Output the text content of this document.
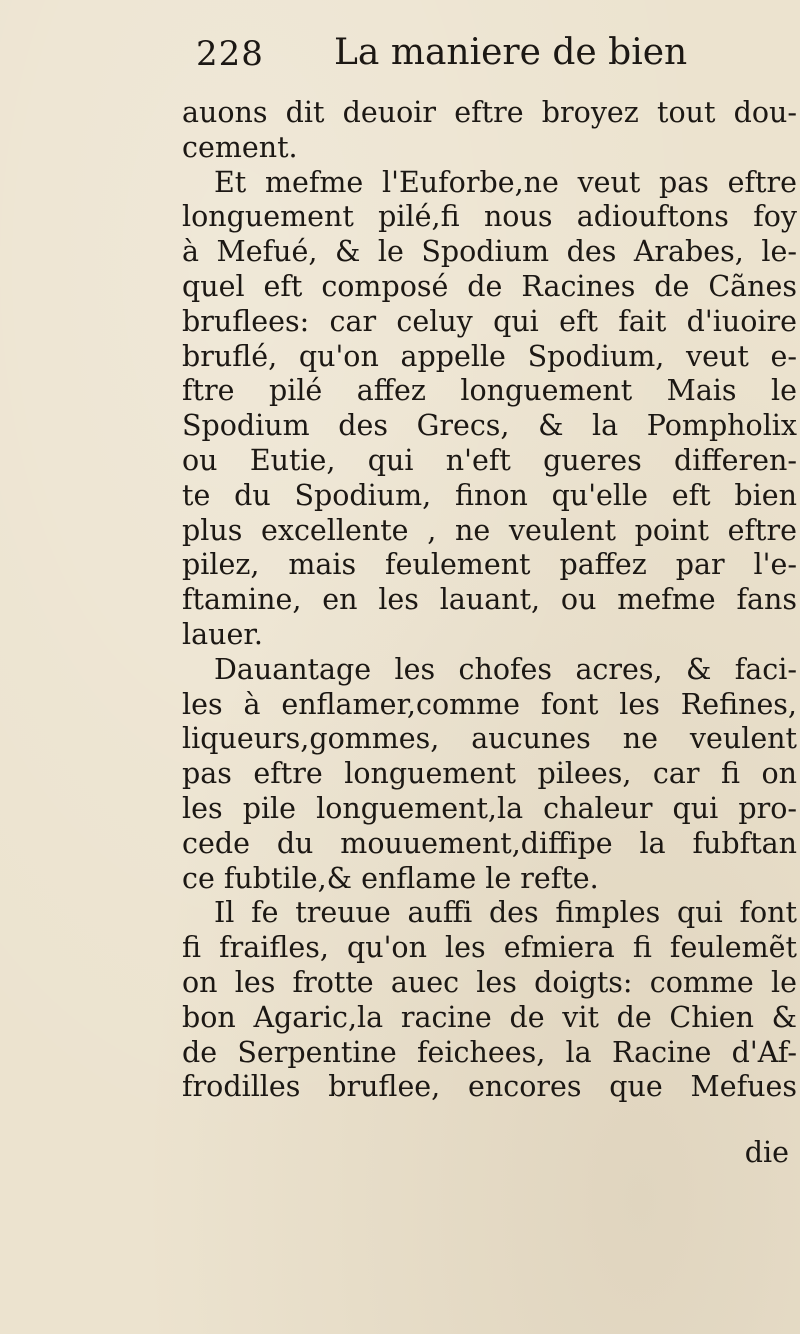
228 La maniere de bien
auons dit deuoir eftre broyez tout dou-
cement.
Et mefme l'Euforbe,ne veut pas eftre
longuement pilé,fi nous adiouftons foy
à Mefué, & le Spodium des Arabes, le-
quel eft composé de Racines de Cãnes
bruflees: car celuy qui eft fait d'iuoire
bruflé, qu'on appelle Spodium, veut e-
ftre pilé affez longuement Mais le
Spodium des Grecs, & la Pompholix
ou Eutie, qui n'eft gueres differen-
te du Spodium, finon qu'elle eft bien
plus excellente , ne veulent point eftre
pilez, mais feulement paffez par l'e-
ftamine, en les lauant, ou mefme fans
lauer.
Dauantage les chofes acres, & faci-
les à enflamer,comme font les Refines,
liqueurs,gommes, aucunes ne veulent
pas eftre longuement pilees, car fi on
les pile longuement,la chaleur qui pro-
cede du mouuement,diffipe la fubftan
ce fubtile,& enflame le refte.
Il fe treuue auffi des fimples qui font
fi fraifles, qu'on les efmiera fi feulemẽt
on les frotte auec les doigts: comme le
bon Agaric,la racine de vit de Chien &
de Serpentine feichees, la Racine d'Af-
frodilles bruflee, encores que Mefues
die
